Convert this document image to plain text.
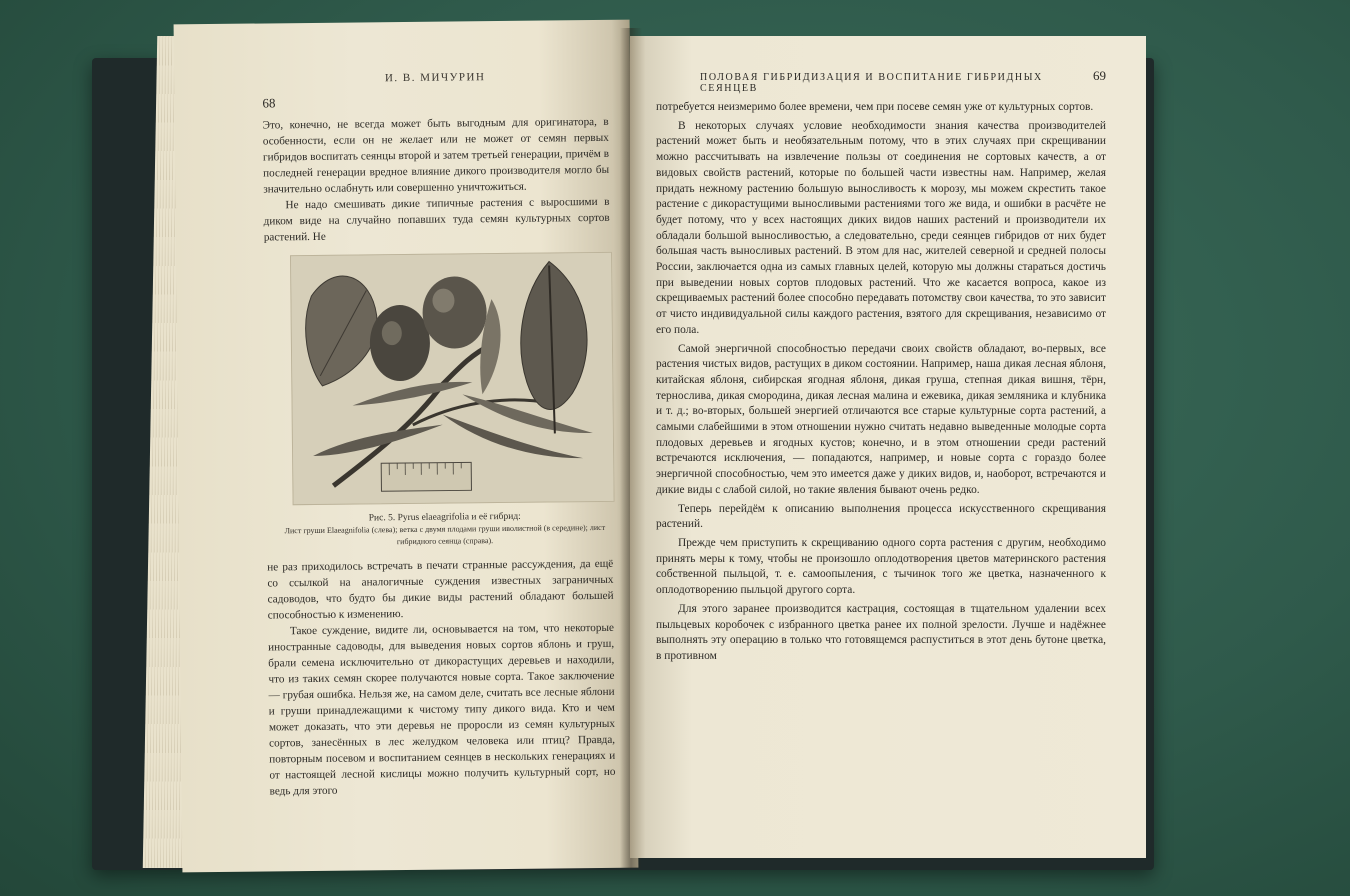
И. В. МИЧУРИН
68

Это, конечно, не всегда может быть выгодным для оригинатора, в особенности, если он не желает или не может от семян первых гибридов воспитать сеянцы второй и затем третьей генерации, причём в последней генерации вредное влияние дикого производителя могло бы значительно ослабнуть или совершенно уничтожиться.

Не надо смешивать дикие типичные растения с выросшими в диком виде на случайно попавших туда семян культурных сортов растений. Не

Рис. 5. Pyrus elaeagrifolia и её гибрид:
Лист груши Elaeagnifolia (слева); ветка с двумя плодами груши иволистной (в середине); лист гибридного сеянца (справа).

не раз приходилось встречать в печати странные рассуждения, да ещё со ссылкой на аналогичные суждения известных заграничных садоводов, что будто бы дикие виды растений обладают большей способностью к изменению.

Такое суждение, видите ли, основывается на том, что некоторые иностранные садоводы, для выведения новых сортов яблонь и груш, брали семена исключительно от дикорастущих деревьев и находили, что из таких семян скорее получаются новые сорта. Такое заключение — грубая ошибка. Нельзя же, на самом деле, считать все лесные яблони и груши принадлежащими к чистому типу дикого вида. Кто и чем может доказать, что эти деревья не проросли из семян культурных сортов, занесённых в лес желудком человека или птиц? Правда, повторным посевом и воспитанием сеянцев в нескольких генерациях и от настоящей лесной кислицы можно получить культурный сорт, но ведь для этого

ПОЛОВАЯ ГИБРИДИЗАЦИЯ И ВОСПИТАНИЕ ГИБРИДНЫХ СЕЯНЦЕВ
69

потребуется неизмеримо более времени, чем при посеве семян уже от культурных сортов.

В некоторых случаях условие необходимости знания качества производителей растений может быть и необязательным потому, что в этих случаях при скрещивании можно рассчитывать на извлечение пользы от соединения не сортовых качеств, а от видовых свойств растений, которые по большей части известны нам. Например, желая придать нежному растению большую выносливость к морозу, мы можем скрестить такое растение с дикорастущими выносливыми растениями того же вида, и ошибки в расчёте не будет потому, что у всех настоящих диких видов наших растений и производители их обладали большой выносливостью, а следовательно, среди сеянцев гибридов от них будет большая часть выносливых растений. В этом для нас, жителей северной и средней полосы России, заключается одна из самых главных целей, которую мы должны стараться достичь при выведении новых сортов плодовых растений. Что же касается вопроса, какое из скрещиваемых растений более способно передавать потомству свои качества, то это зависит от чисто индивидуальной силы каждого растения, взятого для скрещивания, независимо от его пола.

Самой энергичной способностью передачи своих свойств обладают, во-первых, все растения чистых видов, растущих в диком состоянии. Например, наша дикая лесная яблоня, китайская яблоня, сибирская ягодная яблоня, дикая груша, степная дикая вишня, тёрн, терносливa, дикая смородина, дикая лесная малина и ежевика, дикая земляника и клубника и т. д.; во-вторых, большей энергией отличаются все старые культурные сорта растений, а самыми слабейшими в этом отношении нужно считать недавно выведенные молодые сорта плодовых деревьев и ягодных кустов; конечно, и в этом отношении среди растений встречаются исключения, — попадаются, например, и новые сорта с гораздо более энергичной способностью, чем это имеется даже у диких видов, и, наоборот, встречаются и дикие виды с слабой силой, но такие явления бывают очень редко.

Теперь перейдём к описанию выполнения процесса искусственного скрещивания растений.

Прежде чем приступить к скрещиванию одного сорта растения с другим, необходимо принять меры к тому, чтобы не произошло оплодотворения цветов материнского растения собственной пыльцой, т. е. самоопыления, с тычинок того же цветка, назначенного к оплодотворению пыльцой другого сорта.

Для этого заранее производится кастрация, состоящая в тщательном удалении всех пыльцевых коробочек с избранного цветка ранее их полной зрелости. Лучше и надёжнее выполнять эту операцию в только что готовящемся распуститься в этот день бутоне цветка, в противном
